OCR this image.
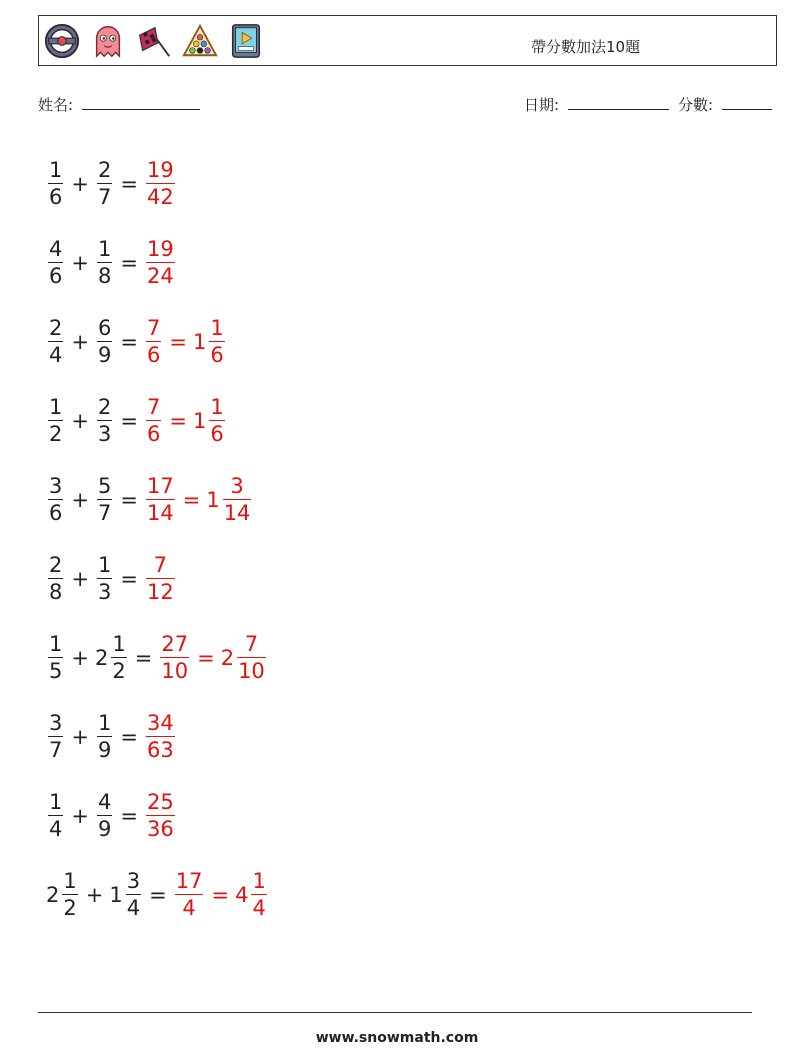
帶分數加法10題
姓名:	日期:	分數:
$\frac{1}{6} + \frac{2}{7} = \frac{19}{42}$
$\frac{4}{6} + \frac{1}{8} = \frac{19}{24}$
$\frac{2}{4} + \frac{6}{9} = \frac{7}{6} = 1 \frac{1}{6}$
$\frac{1}{2} + \frac{2}{3} = \frac{7}{6} = 1 \frac{1}{6}$
$\frac{3}{6} + \frac{5}{7} = \frac{17}{14} = 1 \frac{3}{14}$
$\frac{2}{8} + \frac{1}{3} = \frac{7}{12}$
$\frac{1}{5} + 2 \frac{1}{2} = \frac{27}{10} = 2 \frac{7}{10}$
$\frac{3}{7} + \frac{1}{9} = \frac{34}{63}$
$\frac{1}{4} + \frac{4}{9} = \frac{25}{36}$
$2 \frac{1}{2} + 1 \frac{3}{4} = \frac{17}{4} = 4 \frac{1}{4}$
www.snowmath.com
